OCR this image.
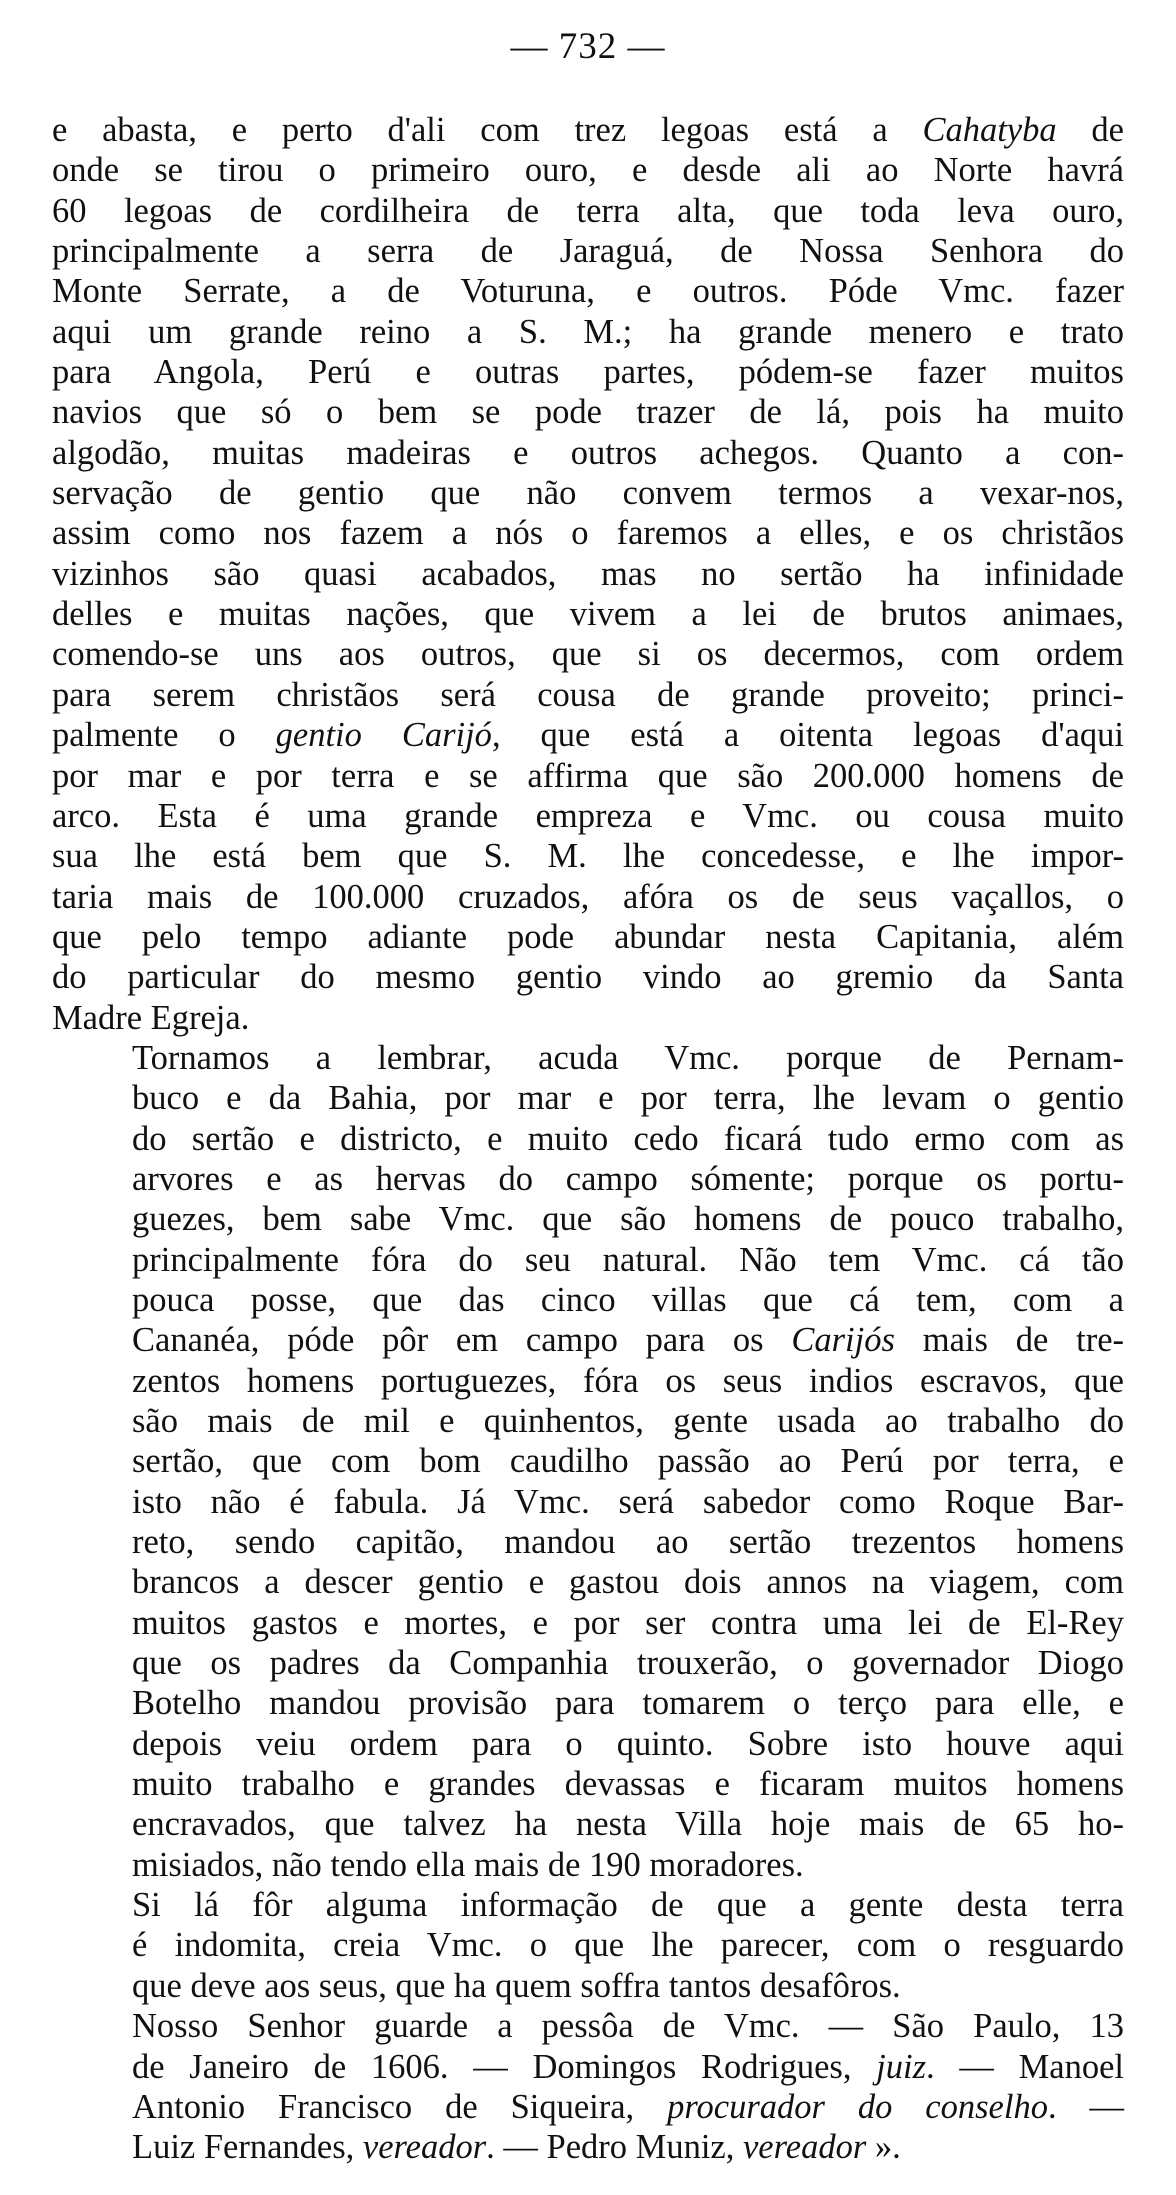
— 732 —

e abasta, e perto d'ali com trez legoas está a Cahatyba de
onde se tirou o primeiro ouro, e desde ali ao Norte havrá
60 legoas de cordilheira de terra alta, que toda leva ouro,
principalmente a serra de Jaraguá, de Nossa Senhora do
Monte Serrate, a de Voturuna, e outros. Póde Vmc. fazer
aqui um grande reino a S. M.; ha grande menero e trato
para Angola, Perú e outras partes, pódem-se fazer muitos
navios que só o bem se pode trazer de lá, pois ha muito
algodão, muitas madeiras e outros achegos. Quanto a con-
servação de gentio que não convem termos a vexar-nos,
assim como nos fazem a nós o faremos a elles, e os christãos
vizinhos são quasi acabados, mas no sertão ha infinidade
delles e muitas nações, que vivem a lei de brutos animaes,
comendo-se uns aos outros, que si os decermos, com ordem
para serem christãos será cousa de grande proveito; princi-
palmente o gentio Carijó, que está a oitenta legoas d'aqui
por mar e por terra e se affirma que são 200.000 homens de
arco. Esta é uma grande empreza e Vmc. ou cousa muito
sua lhe está bem que S. M. lhe concedesse, e lhe impor-
taria mais de 100.000 cruzados, afóra os de seus vaçallos, o
que pelo tempo adiante pode abundar nesta Capitania, além
do particular do mesmo gentio vindo ao gremio da Santa
Madre Egreja.

Tornamos a lembrar, acuda Vmc. porque de Pernam-
buco e da Bahia, por mar e por terra, lhe levam o gentio
do sertão e districto, e muito cedo ficará tudo ermo com as
arvores e as hervas do campo sómente; porque os portu-
guezes, bem sabe Vmc. que são homens de pouco trabalho,
principalmente fóra do seu natural. Não tem Vmc. cá tão
pouca posse, que das cinco villas que cá tem, com a
Cananéa, póde pôr em campo para os Carijós mais de tre-
zentos homens portuguezes, fóra os seus indios escravos, que
são mais de mil e quinhentos, gente usada ao trabalho do
sertão, que com bom caudilho passão ao Perú por terra, e
isto não é fabula. Já Vmc. será sabedor como Roque Bar-
reto, sendo capitão, mandou ao sertão trezentos homens
brancos a descer gentio e gastou dois annos na viagem, com
muitos gastos e mortes, e por ser contra uma lei de El-Rey
que os padres da Companhia trouxerão, o governador Diogo
Botelho mandou provisão para tomarem o terço para elle, e
depois veiu ordem para o quinto. Sobre isto houve aqui
muito trabalho e grandes devassas e ficaram muitos homens
encravados, que talvez ha nesta Villa hoje mais de 65 ho-
misiados, não tendo ella mais de 190 moradores.

Si lá fôr alguma informação de que a gente desta terra
é indomita, creia Vmc. o que lhe parecer, com o resguardo
que deve aos seus, que ha quem soffra tantos desafôros.

Nosso Senhor guarde a pessôa de Vmc. — São Paulo, 13
de Janeiro de 1606. — Domingos Rodrigues, juiz. — Manoel
Antonio Francisco de Siqueira, procurador do conselho. —
Luiz Fernandes, vereador. — Pedro Muniz, vereador ».
